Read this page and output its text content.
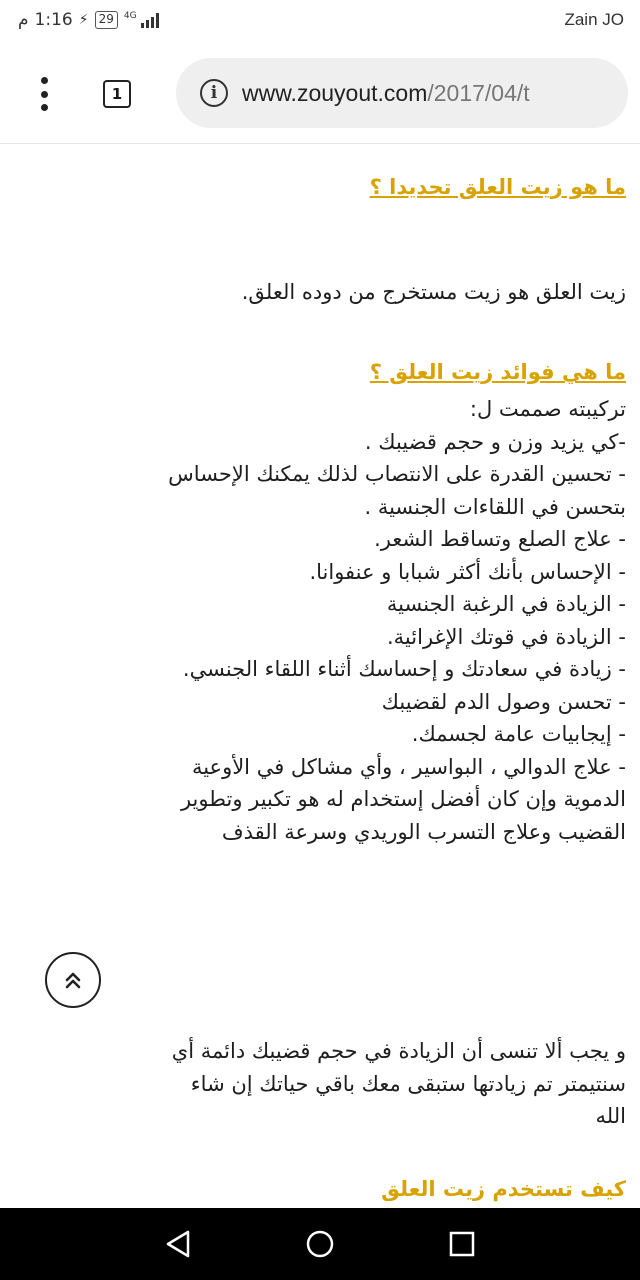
م 1:16 ⚡ 29	4G	Zain JO
1	i	www.zouyout.com/2017/04/t
ما هو زيت العلق تحديدا ؟
زيت العلق هو زيت مستخرج من دوده العلق.
ما هي فوائد زيت العلق ؟
تركيبته صممت ل:
-كي يزيد وزن و حجم قضيبك .
- تحسين القدرة على الانتصاب لذلك يمكنك الإحساس
بتحسن في اللقاءات الجنسية .
- علاج الصلع وتساقط الشعر.
- الإحساس بأنك أكثر شبابا و عنفوانا.
- الزيادة في الرغبة الجنسية
- الزيادة في قوتك الإغرائية.
- زيادة في سعادتك و إحساسك أثناء اللقاء الجنسي.
- تحسن وصول الدم لقضيبك
- إيجابيات عامة لجسمك.
- علاج الدوالي ، البواسير ، وأي مشاكل في الأوعية
الدموية وإن كان أفضل إستخدام له هو تكبير وتطوير
القضيب وعلاج التسرب الوريدي وسرعة القذف
و يجب ألا تنسى أن الزيادة في حجم قضيبك دائمة أي
سنتيمتر تم زيادتها ستبقى معك باقي حياتك إن شاء
الله
كيف تستخدم زيت العلق
